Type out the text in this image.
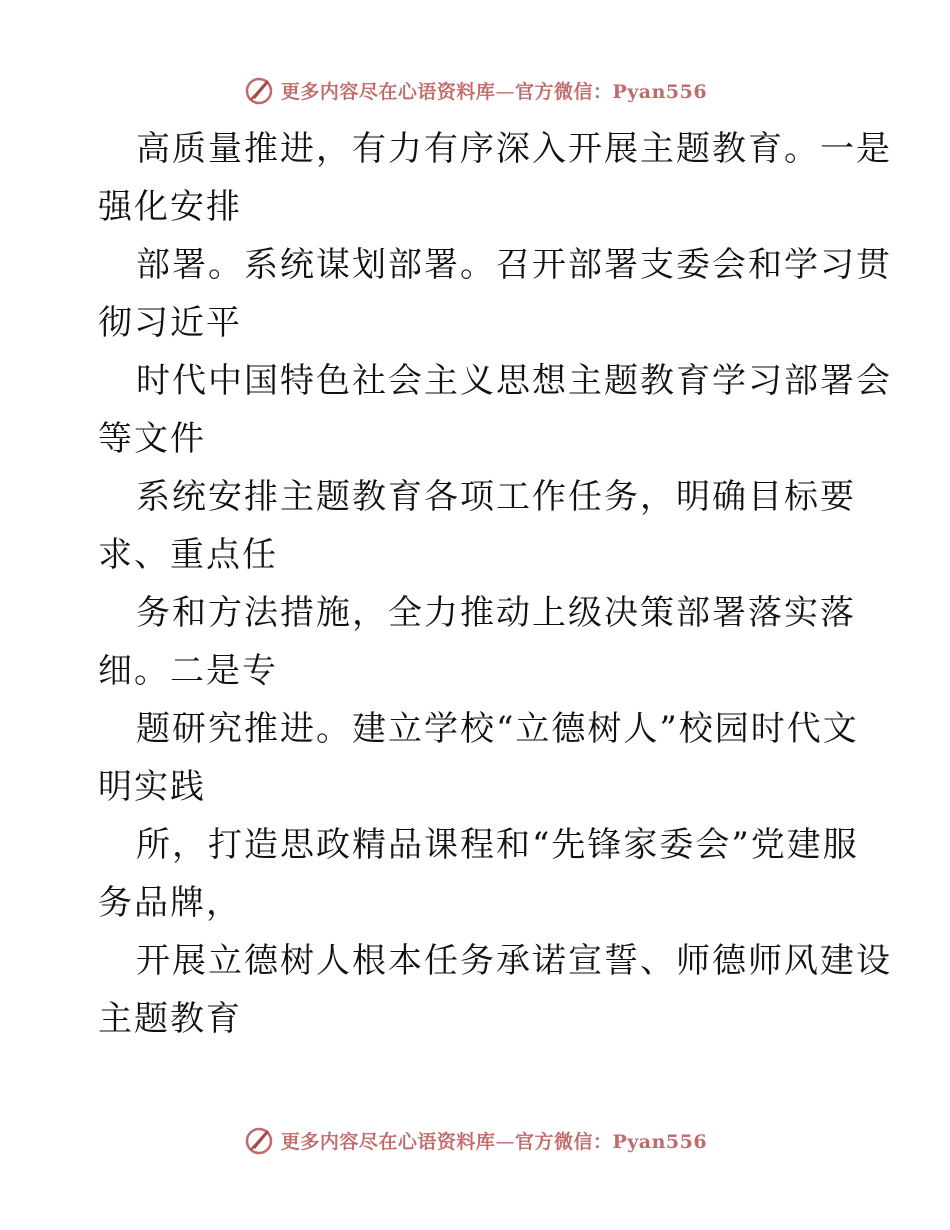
更多内容尽在心语资料库—官方微信：Pyan556
高质量推进，有力有序深入开展主题教育。一是
强化安排
部署。系统谋划部署。召开部署支委会和学习贯
彻习近平
时代中国特色社会主义思想主题教育学习部署会
等文件
系统安排主题教育各项工作任务，明确目标要
求、重点任
务和方法措施，全力推动上级决策部署落实落
细。二是专
题研究推进。建立学校“立德树人”校园时代文
明实践
所，打造思政精品课程和“先锋家委会”党建服
务品牌，
开展立德树人根本任务承诺宣誓、师德师风建设
主题教育
更多内容尽在心语资料库—官方微信：Pyan556
